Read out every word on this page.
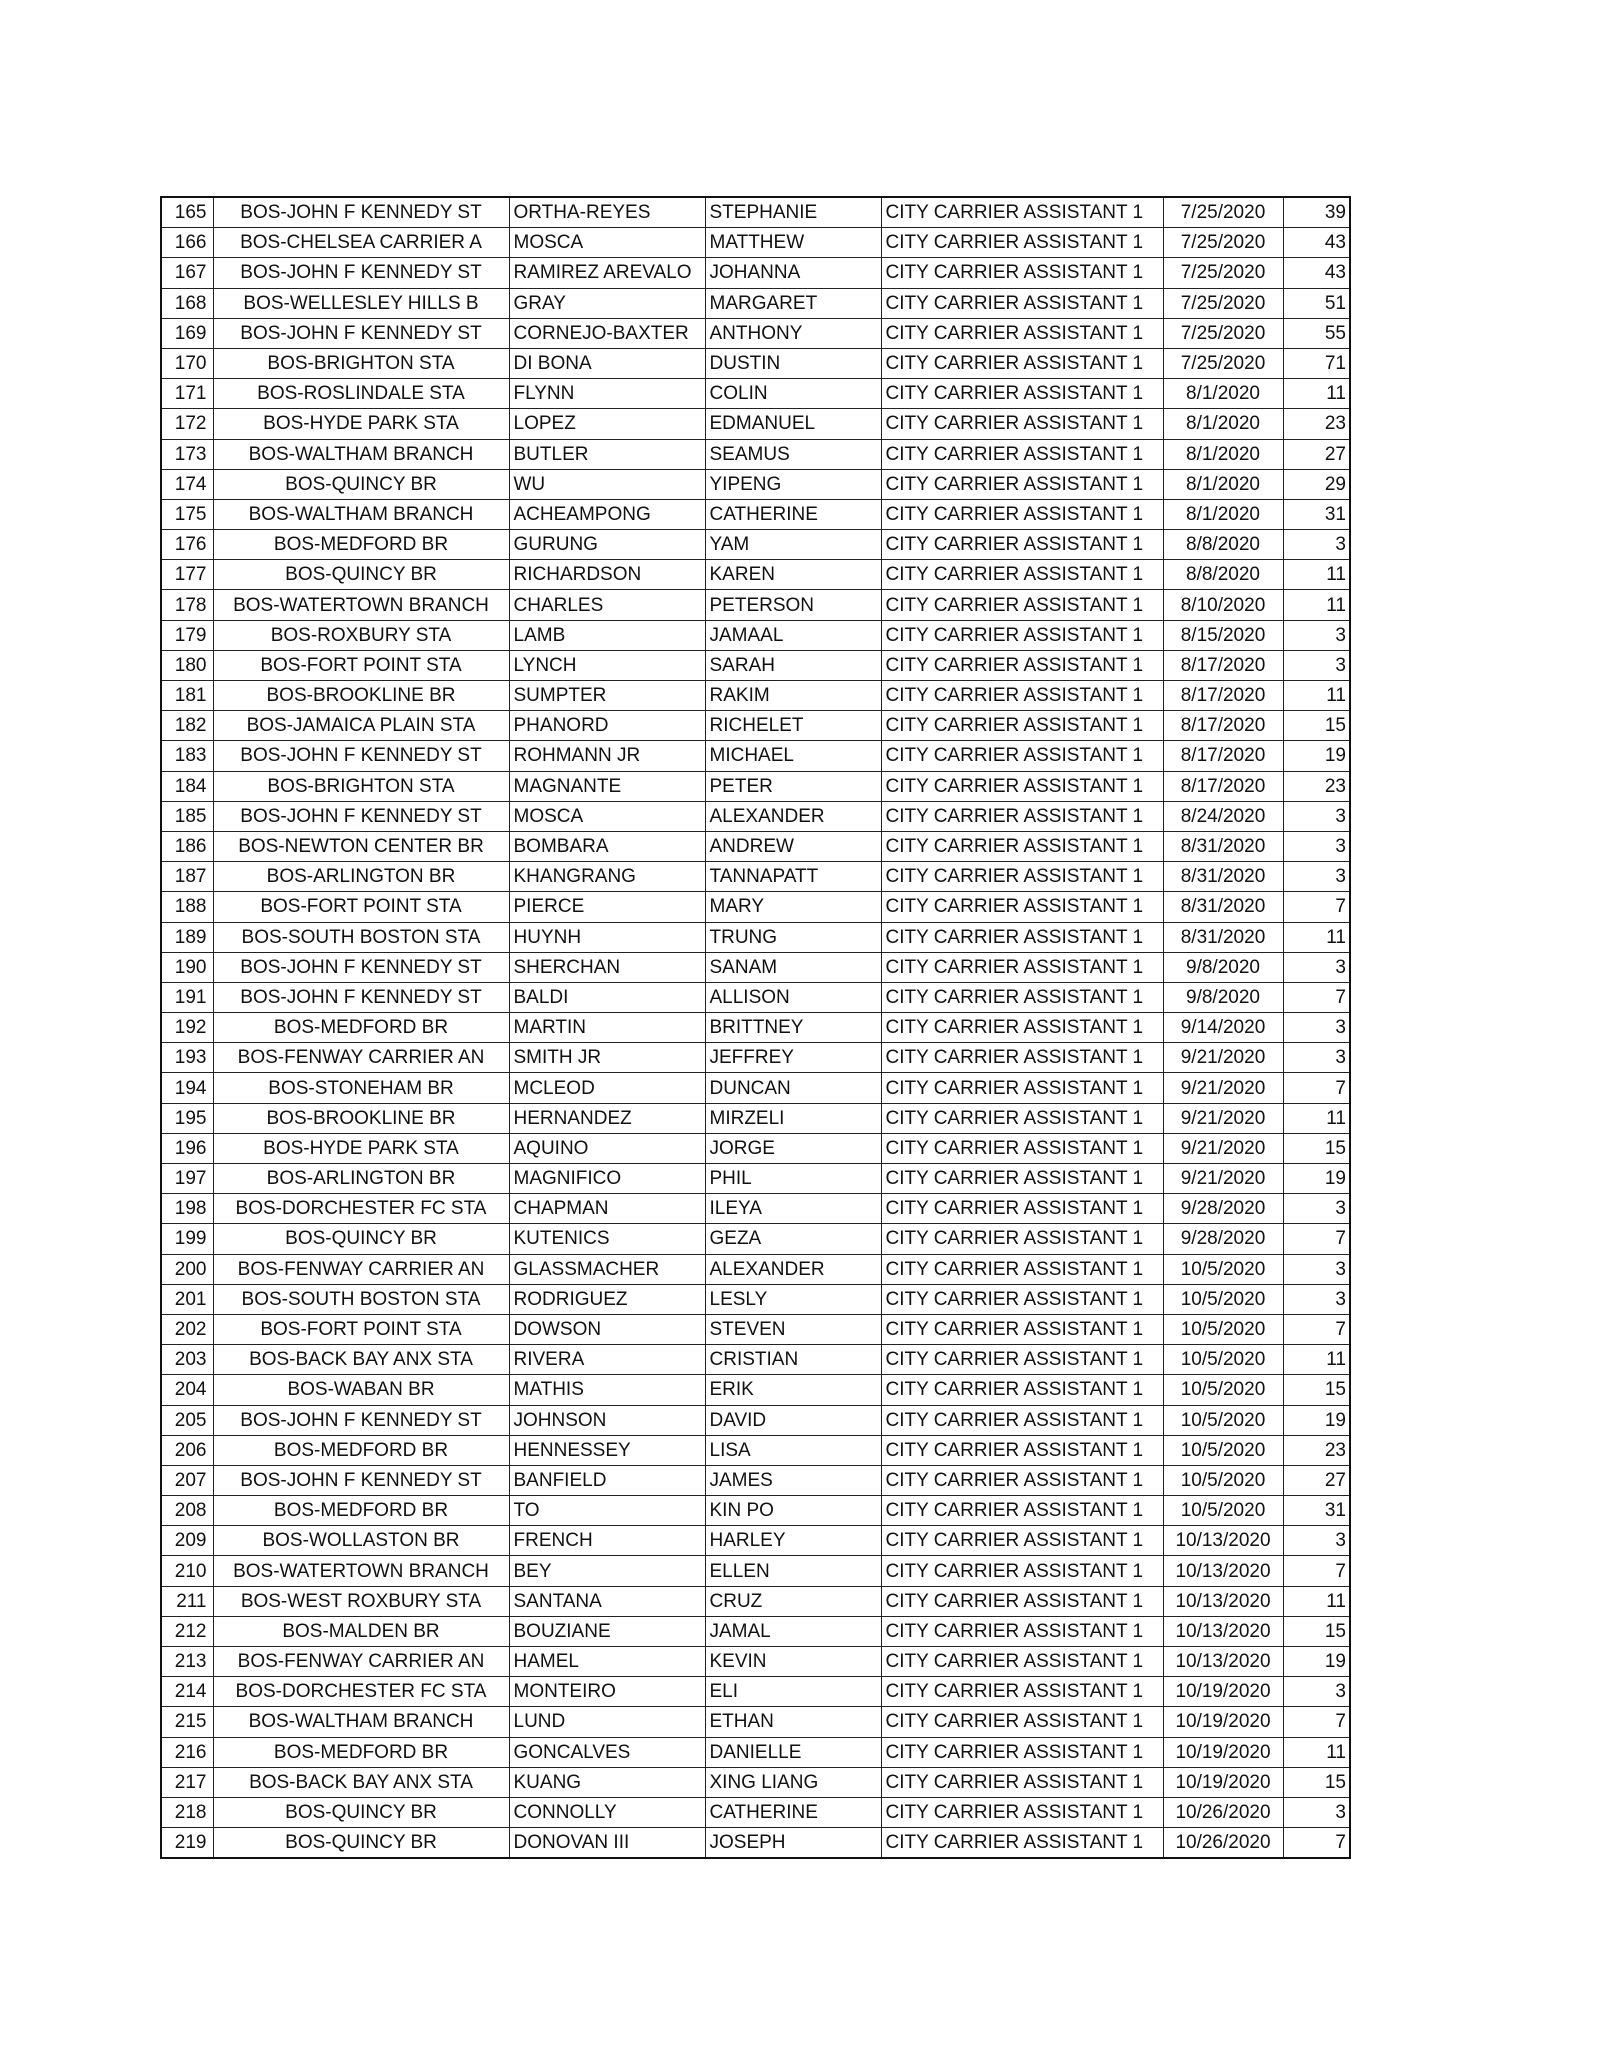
165	BOS-JOHN F KENNEDY ST	ORTHA-REYES	STEPHANIE	CITY CARRIER ASSISTANT 1	7/25/2020	39
166	BOS-CHELSEA CARRIER A	MOSCA	MATTHEW	CITY CARRIER ASSISTANT 1	7/25/2020	43
167	BOS-JOHN F KENNEDY ST	RAMIREZ AREVALO	JOHANNA	CITY CARRIER ASSISTANT 1	7/25/2020	43
168	BOS-WELLESLEY HILLS B	GRAY	MARGARET	CITY CARRIER ASSISTANT 1	7/25/2020	51
169	BOS-JOHN F KENNEDY ST	CORNEJO-BAXTER	ANTHONY	CITY CARRIER ASSISTANT 1	7/25/2020	55
170	BOS-BRIGHTON STA	DI BONA	DUSTIN	CITY CARRIER ASSISTANT 1	7/25/2020	71
171	BOS-ROSLINDALE STA	FLYNN	COLIN	CITY CARRIER ASSISTANT 1	8/1/2020	11
172	BOS-HYDE PARK STA	LOPEZ	EDMANUEL	CITY CARRIER ASSISTANT 1	8/1/2020	23
173	BOS-WALTHAM BRANCH	BUTLER	SEAMUS	CITY CARRIER ASSISTANT 1	8/1/2020	27
174	BOS-QUINCY BR	WU	YIPENG	CITY CARRIER ASSISTANT 1	8/1/2020	29
175	BOS-WALTHAM BRANCH	ACHEAMPONG	CATHERINE	CITY CARRIER ASSISTANT 1	8/1/2020	31
176	BOS-MEDFORD BR	GURUNG	YAM	CITY CARRIER ASSISTANT 1	8/8/2020	3
177	BOS-QUINCY BR	RICHARDSON	KAREN	CITY CARRIER ASSISTANT 1	8/8/2020	11
178	BOS-WATERTOWN BRANCH	CHARLES	PETERSON	CITY CARRIER ASSISTANT 1	8/10/2020	11
179	BOS-ROXBURY STA	LAMB	JAMAAL	CITY CARRIER ASSISTANT 1	8/15/2020	3
180	BOS-FORT POINT STA	LYNCH	SARAH	CITY CARRIER ASSISTANT 1	8/17/2020	3
181	BOS-BROOKLINE BR	SUMPTER	RAKIM	CITY CARRIER ASSISTANT 1	8/17/2020	11
182	BOS-JAMAICA PLAIN STA	PHANORD	RICHELET	CITY CARRIER ASSISTANT 1	8/17/2020	15
183	BOS-JOHN F KENNEDY ST	ROHMANN JR	MICHAEL	CITY CARRIER ASSISTANT 1	8/17/2020	19
184	BOS-BRIGHTON STA	MAGNANTE	PETER	CITY CARRIER ASSISTANT 1	8/17/2020	23
185	BOS-JOHN F KENNEDY ST	MOSCA	ALEXANDER	CITY CARRIER ASSISTANT 1	8/24/2020	3
186	BOS-NEWTON CENTER BR	BOMBARA	ANDREW	CITY CARRIER ASSISTANT 1	8/31/2020	3
187	BOS-ARLINGTON BR	KHANGRANG	TANNAPATT	CITY CARRIER ASSISTANT 1	8/31/2020	3
188	BOS-FORT POINT STA	PIERCE	MARY	CITY CARRIER ASSISTANT 1	8/31/2020	7
189	BOS-SOUTH BOSTON STA	HUYNH	TRUNG	CITY CARRIER ASSISTANT 1	8/31/2020	11
190	BOS-JOHN F KENNEDY ST	SHERCHAN	SANAM	CITY CARRIER ASSISTANT 1	9/8/2020	3
191	BOS-JOHN F KENNEDY ST	BALDI	ALLISON	CITY CARRIER ASSISTANT 1	9/8/2020	7
192	BOS-MEDFORD BR	MARTIN	BRITTNEY	CITY CARRIER ASSISTANT 1	9/14/2020	3
193	BOS-FENWAY CARRIER AN	SMITH JR	JEFFREY	CITY CARRIER ASSISTANT 1	9/21/2020	3
194	BOS-STONEHAM BR	MCLEOD	DUNCAN	CITY CARRIER ASSISTANT 1	9/21/2020	7
195	BOS-BROOKLINE BR	HERNANDEZ	MIRZELI	CITY CARRIER ASSISTANT 1	9/21/2020	11
196	BOS-HYDE PARK STA	AQUINO	JORGE	CITY CARRIER ASSISTANT 1	9/21/2020	15
197	BOS-ARLINGTON BR	MAGNIFICO	PHIL	CITY CARRIER ASSISTANT 1	9/21/2020	19
198	BOS-DORCHESTER FC STA	CHAPMAN	ILEYA	CITY CARRIER ASSISTANT 1	9/28/2020	3
199	BOS-QUINCY BR	KUTENICS	GEZA	CITY CARRIER ASSISTANT 1	9/28/2020	7
200	BOS-FENWAY CARRIER AN	GLASSMACHER	ALEXANDER	CITY CARRIER ASSISTANT 1	10/5/2020	3
201	BOS-SOUTH BOSTON STA	RODRIGUEZ	LESLY	CITY CARRIER ASSISTANT 1	10/5/2020	3
202	BOS-FORT POINT STA	DOWSON	STEVEN	CITY CARRIER ASSISTANT 1	10/5/2020	7
203	BOS-BACK BAY ANX STA	RIVERA	CRISTIAN	CITY CARRIER ASSISTANT 1	10/5/2020	11
204	BOS-WABAN BR	MATHIS	ERIK	CITY CARRIER ASSISTANT 1	10/5/2020	15
205	BOS-JOHN F KENNEDY ST	JOHNSON	DAVID	CITY CARRIER ASSISTANT 1	10/5/2020	19
206	BOS-MEDFORD BR	HENNESSEY	LISA	CITY CARRIER ASSISTANT 1	10/5/2020	23
207	BOS-JOHN F KENNEDY ST	BANFIELD	JAMES	CITY CARRIER ASSISTANT 1	10/5/2020	27
208	BOS-MEDFORD BR	TO	KIN PO	CITY CARRIER ASSISTANT 1	10/5/2020	31
209	BOS-WOLLASTON BR	FRENCH	HARLEY	CITY CARRIER ASSISTANT 1	10/13/2020	3
210	BOS-WATERTOWN BRANCH	BEY	ELLEN	CITY CARRIER ASSISTANT 1	10/13/2020	7
211	BOS-WEST ROXBURY STA	SANTANA	CRUZ	CITY CARRIER ASSISTANT 1	10/13/2020	11
212	BOS-MALDEN BR	BOUZIANE	JAMAL	CITY CARRIER ASSISTANT 1	10/13/2020	15
213	BOS-FENWAY CARRIER AN	HAMEL	KEVIN	CITY CARRIER ASSISTANT 1	10/13/2020	19
214	BOS-DORCHESTER FC STA	MONTEIRO	ELI	CITY CARRIER ASSISTANT 1	10/19/2020	3
215	BOS-WALTHAM BRANCH	LUND	ETHAN	CITY CARRIER ASSISTANT 1	10/19/2020	7
216	BOS-MEDFORD BR	GONCALVES	DANIELLE	CITY CARRIER ASSISTANT 1	10/19/2020	11
217	BOS-BACK BAY ANX STA	KUANG	XING LIANG	CITY CARRIER ASSISTANT 1	10/19/2020	15
218	BOS-QUINCY BR	CONNOLLY	CATHERINE	CITY CARRIER ASSISTANT 1	10/26/2020	3
219	BOS-QUINCY BR	DONOVAN III	JOSEPH	CITY CARRIER ASSISTANT 1	10/26/2020	7
